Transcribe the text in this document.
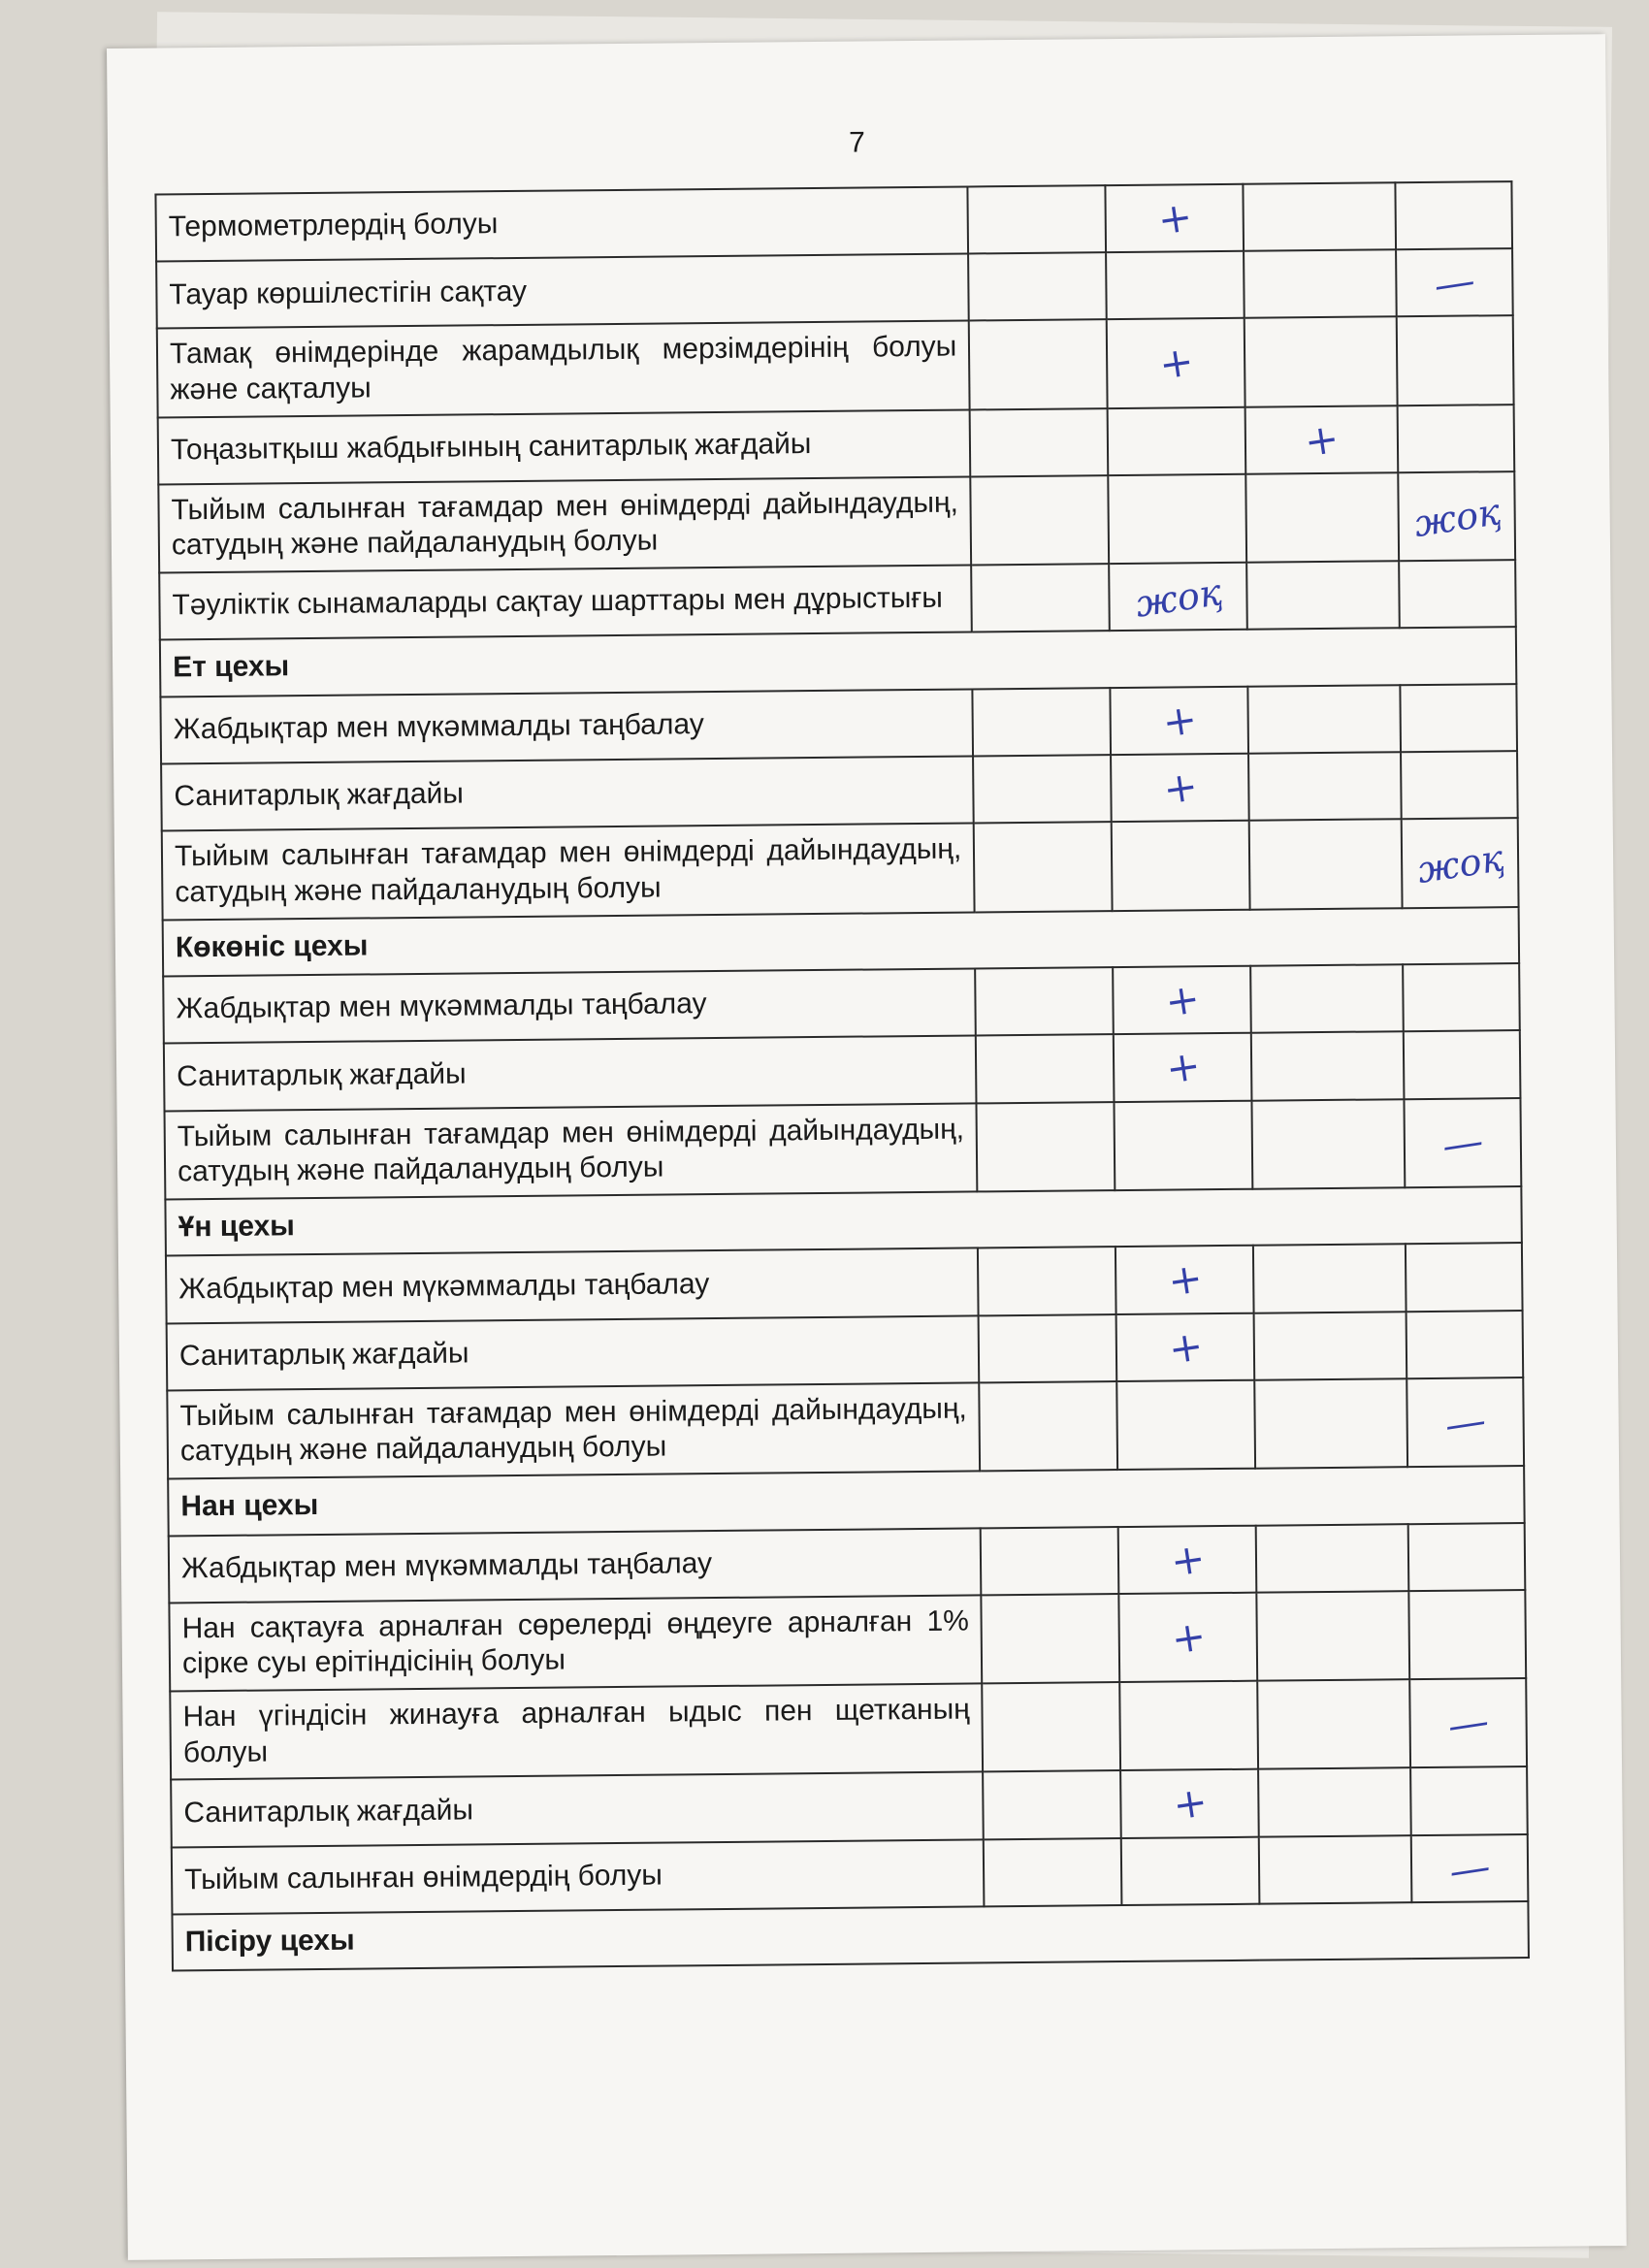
7
Термометрлердің болуы		+		
Тауар көршілестігін сақтау				—
Тамақ өнімдерінде жарамдылық мерзімдерінің болуы және сақталуы		+		
Тоңазытқыш жабдығының санитарлық жағдайы			+	
Тыйым салынған тағамдар мен өнімдерді дайындаудың, сатудың және пайдаланудың болуы				жоқ
Тәуліктік сынамаларды сақтау шарттары мен дұрыстығы		жоқ		
Ет цехы				
Жабдықтар мен мүкәммалды таңбалау		+		
Санитарлық жағдайы		+		
Тыйым салынған тағамдар мен өнімдерді дайындаудың, сатудың және пайдаланудың болуы				жоқ
Көкөніс цехы				
Жабдықтар мен мүкәммалды таңбалау		+		
Санитарлық жағдайы		+		
Тыйым салынған тағамдар мен өнімдерді дайындаудың, сатудың және пайдаланудың болуы				—
Ұн цехы				
Жабдықтар мен мүкәммалды таңбалау		+		
Санитарлық жағдайы		+		
Тыйым салынған тағамдар мен өнімдерді дайындаудың, сатудың және пайдаланудың болуы				—
Нан цехы				
Жабдықтар мен мүкәммалды таңбалау		+		
Нан сақтауға арналған сөрелерді өңдеуге арналған 1% сірке суы ерітіндісінің болуы		+		
Нан үгіндісін жинауға арналған ыдыс пен щетканың болуы				—
Санитарлық жағдайы		+		
Тыйым салынған өнімдердің болуы				—
Пісіру цехы				
